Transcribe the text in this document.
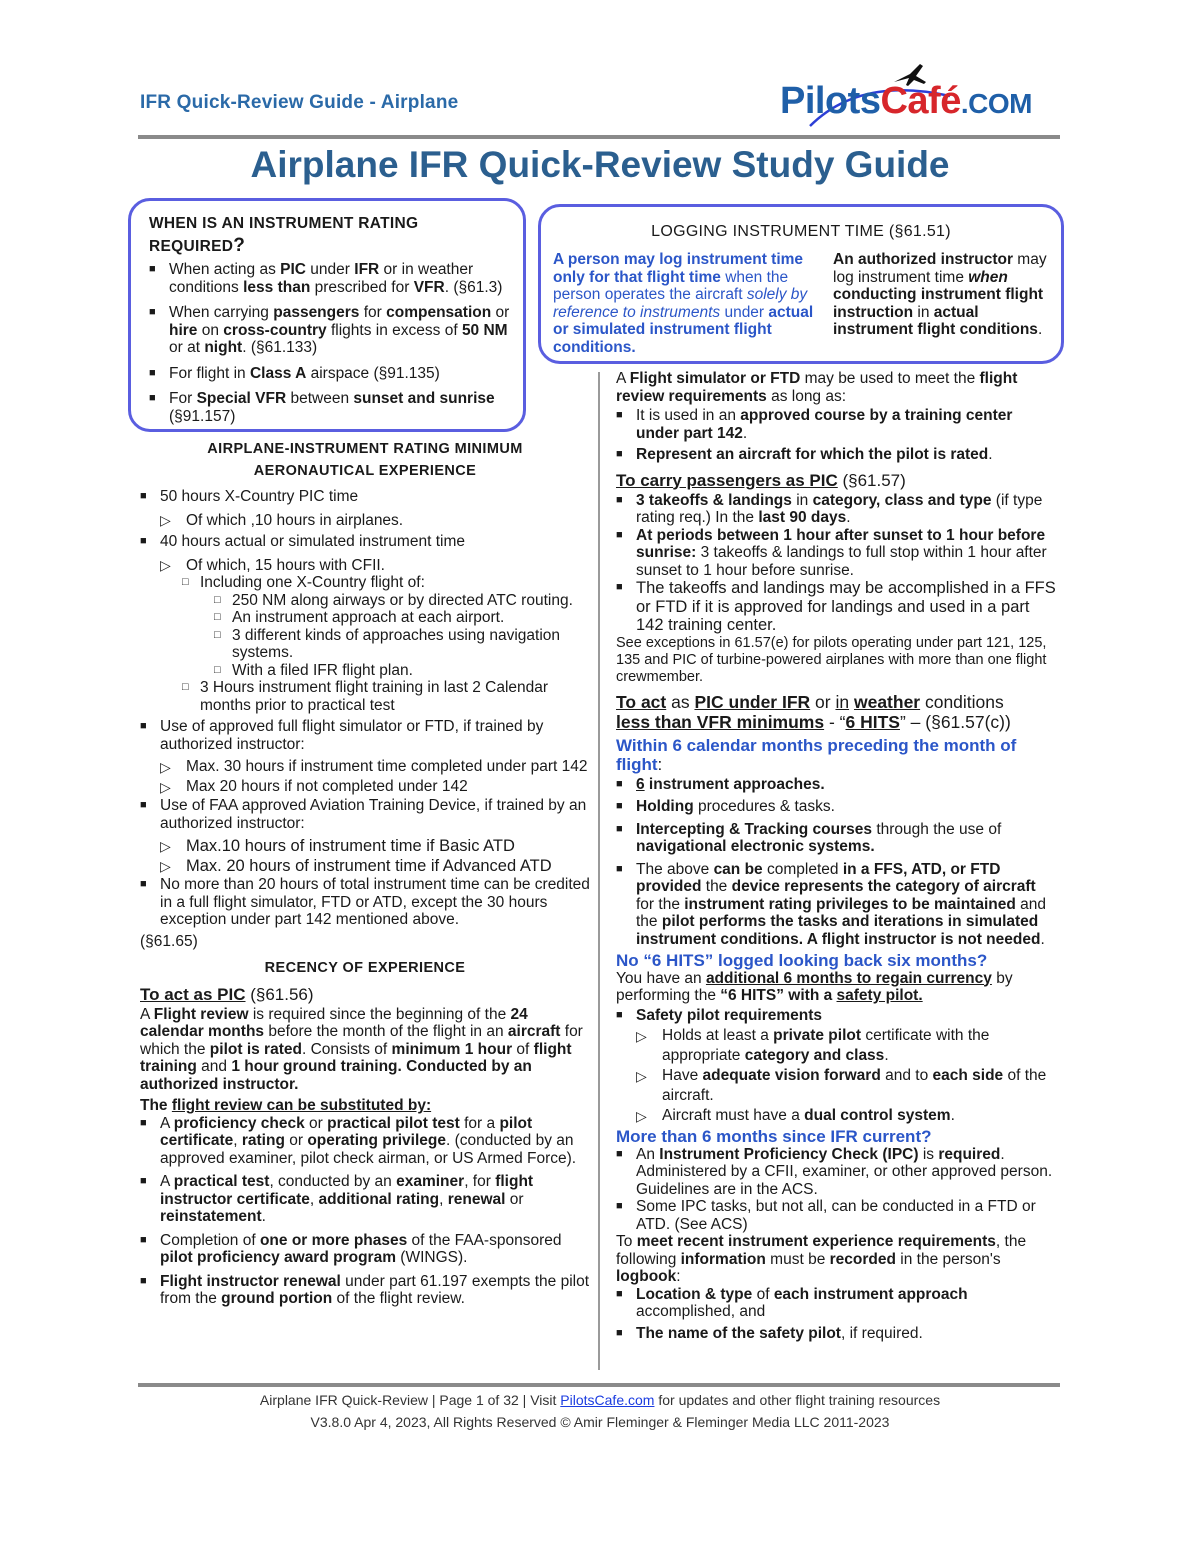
IFR Quick-Review Guide - Airplane	PilotsCafé.COM
Airplane IFR Quick-Review Study Guide
WHEN IS AN INSTRUMENT RATING
REQUIRED?
■ When acting as PIC under IFR or in weather conditions less than prescribed for VFR. (§61.3)
■ When carrying passengers for compensation or hire on cross-country flights in excess of 50 NM or at night. (§61.133)
■ For flight in Class A airspace (§91.135)
■ For Special VFR between sunset and sunrise (§91.157)
LOGGING INSTRUMENT TIME (§61.51)
A person may log instrument time only for that flight time when the person operates the aircraft solely by reference to instruments under actual or simulated instrument flight conditions.
An authorized instructor may log instrument time when conducting instrument flight instruction in actual instrument flight conditions.
AIRPLANE-INSTRUMENT RATING MINIMUM
AERONAUTICAL EXPERIENCE
■ 50 hours X-Country PIC time
▷ Of which ,10 hours in airplanes.
■ 40 hours actual or simulated instrument time
▷ Of which, 15 hours with CFII.
□ Including one X-Country flight of:
□ 250 NM along airways or by directed ATC routing.
□ An instrument approach at each airport.
□ 3 different kinds of approaches using navigation systems.
□ With a filed IFR flight plan.
□ 3 Hours instrument flight training in last 2 Calendar months prior to practical test
■ Use of approved full flight simulator or FTD, if trained by authorized instructor:
▷ Max. 30 hours if instrument time completed under part 142
▷ Max 20 hours if not completed under 142
■ Use of FAA approved Aviation Training Device, if trained by an authorized instructor:
▷ Max.10 hours of instrument time if Basic ATD
▷ Max. 20 hours of instrument time if Advanced ATD
■ No more than 20 hours of total instrument time can be credited in a full flight simulator, FTD or ATD, except the 30 hours exception under part 142 mentioned above.
(§61.65)
RECENCY OF EXPERIENCE
To act as PIC (§61.56)
A Flight review is required since the beginning of the 24 calendar months before the month of the flight in an aircraft for which the pilot is rated. Consists of minimum 1 hour of flight training and 1 hour ground training. Conducted by an authorized instructor.
The flight review can be substituted by:
■ A proficiency check or practical pilot test for a pilot certificate, rating or operating privilege. (conducted by an approved examiner, pilot check airman, or US Armed Force).
■ A practical test, conducted by an examiner, for flight instructor certificate, additional rating, renewal or reinstatement.
■ Completion of one or more phases of the FAA-sponsored pilot proficiency award program (WINGS).
■ Flight instructor renewal under part 61.197 exempts the pilot from the ground portion of the flight review.
A Flight simulator or FTD may be used to meet the flight review requirements as long as:
■ It is used in an approved course by a training center under part 142.
■ Represent an aircraft for which the pilot is rated.
To carry passengers as PIC (§61.57)
■ 3 takeoffs & landings in category, class and type (if type rating req.) In the last 90 days.
■ At periods between 1 hour after sunset to 1 hour before sunrise: 3 takeoffs & landings to full stop within 1 hour after sunset to 1 hour before sunrise.
■ The takeoffs and landings may be accomplished in a FFS or FTD if it is approved for landings and used in a part 142 training center.
See exceptions in 61.57(e) for pilots operating under part 121, 125, 135 and PIC of turbine-powered airplanes with more than one flight crewmember.
To act as PIC under IFR or in weather conditions
less than VFR minimums - “6 HITS” – (§61.57(c))
Within 6 calendar months preceding the month of flight:
■ 6 instrument approaches.
■ Holding procedures & tasks.
■ Intercepting & Tracking courses through the use of navigational electronic systems.
■ The above can be completed in a FFS, ATD, or FTD provided the device represents the category of aircraft for the instrument rating privileges to be maintained and the pilot performs the tasks and iterations in simulated instrument conditions. A flight instructor is not needed.
No “6 HITS” logged looking back six months?
You have an additional 6 months to regain currency by performing the “6 HITS” with a safety pilot.
■ Safety pilot requirements
▷ Holds at least a private pilot certificate with the appropriate category and class.
▷ Have adequate vision forward and to each side of the aircraft.
▷ Aircraft must have a dual control system.
More than 6 months since IFR current?
■ An Instrument Proficiency Check (IPC) is required. Administered by a CFII, examiner, or other approved person. Guidelines are in the ACS.
■ Some IPC tasks, but not all, can be conducted in a FTD or ATD. (See ACS)
To meet recent instrument experience requirements, the following information must be recorded in the person's logbook:
■ Location & type of each instrument approach accomplished, and
■ The name of the safety pilot, if required.
Airplane IFR Quick-Review | Page 1 of 32 | Visit PilotsCafe.com for updates and other flight training resources
V3.8.0 Apr 4, 2023, All Rights Reserved © Amir Fleminger & Fleminger Media LLC 2011-2023
